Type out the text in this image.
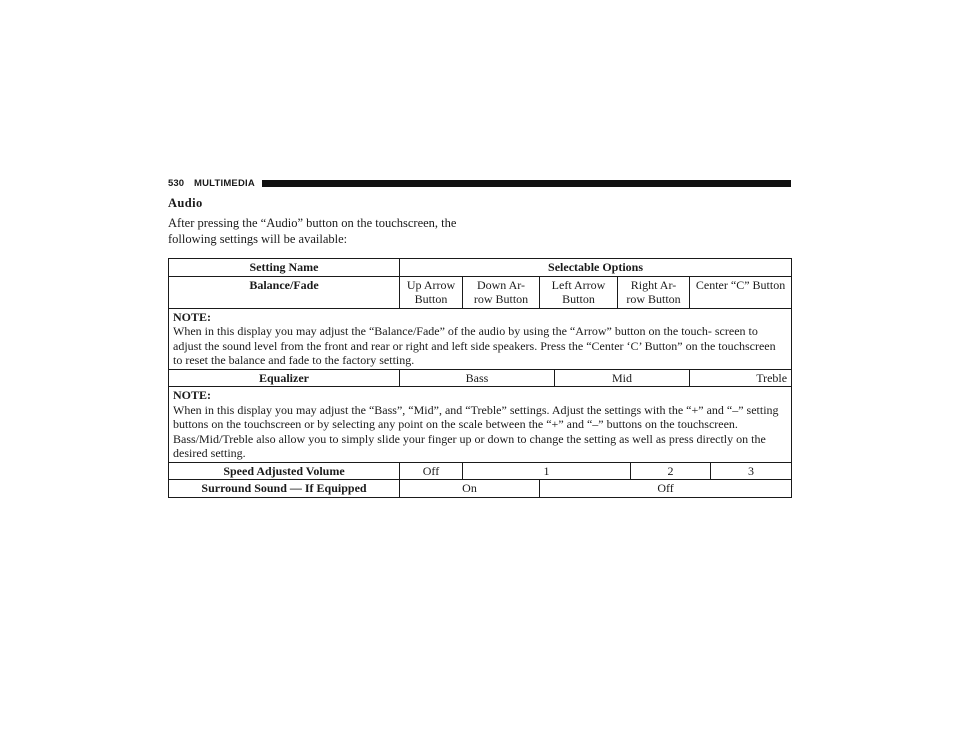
530 MULTIMEDIA
Audio
After pressing the “Audio” button on the touchscreen, the following settings will be available:
Setting Name	Selectable Options							
Balance/Fade	Up Arrow Button	Down Ar- row Button	Left Arrow Button		Right Ar- row Button		Center “C” Button	

NOTE:
When in this display you may adjust the “Balance/Fade” of the audio by using the “Arrow” button on the touch- screen to adjust the sound level from the front and rear or right and left side speakers. Press the “Center ‘C’ Button” on the touchscreen to reset the balance and fade to the factory setting.								
Equalizer	Bass			Mid			Treble	

NOTE:
When in this display you may adjust the “Bass”, “Mid”, and “Treble” settings. Adjust the settings with the “+” and “–” setting buttons on the touchscreen or by selecting any point on the scale between the “+” and “–” buttons on the touchscreen. Bass/Mid/Treble also allow you to simply slide your finger up or down to change the setting as well as press directly on the desired setting.								
Speed Adjusted Volume	Off	1				2		3
Surround Sound — If Equipped	On		Off					
